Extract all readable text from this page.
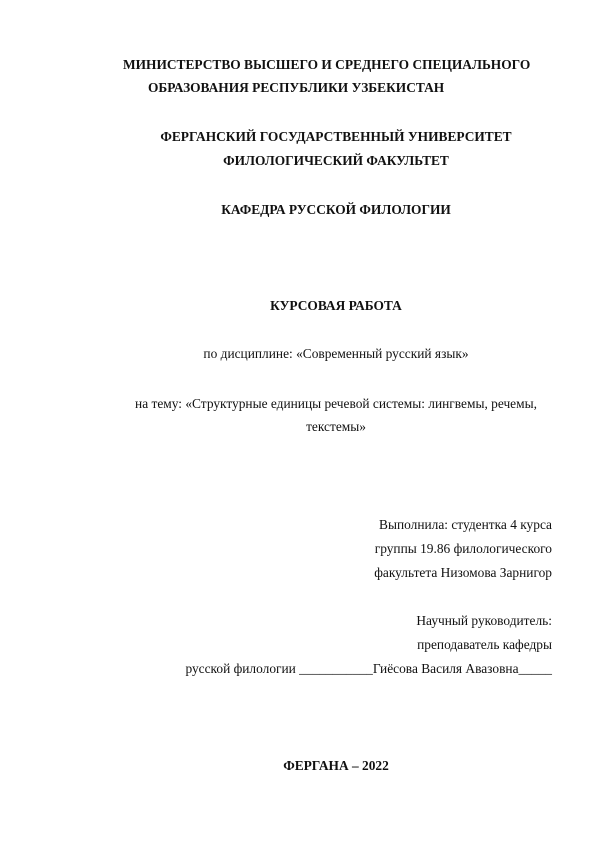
МИНИСТЕРСТВО ВЫСШЕГО И СРЕДНЕГО СПЕЦИАЛЬНОГО
ОБРАЗОВАНИЯ РЕСПУБЛИКИ УЗБЕКИСТАН
ФЕРГАНСКИЙ ГОСУДАРСТВЕННЫЙ УНИВЕРСИТЕТ
ФИЛОЛОГИЧЕСКИЙ ФАКУЛЬТЕТ
КАФЕДРА РУССКОЙ ФИЛОЛОГИИ
КУРСОВАЯ РАБОТА
по дисциплине: «Современный русский язык»
на тему: «Структурные единицы речевой системы: лингвемы, речемы,
текстемы»
Выполнила: студентка 4 курса
группы 19.86 филологического
факультета Низомова Зарнигор
Научный руководитель:
преподаватель кафедры
русской филологии ___________Гиёсова Василя Авазовна_____
ФЕРГАНА – 2022
